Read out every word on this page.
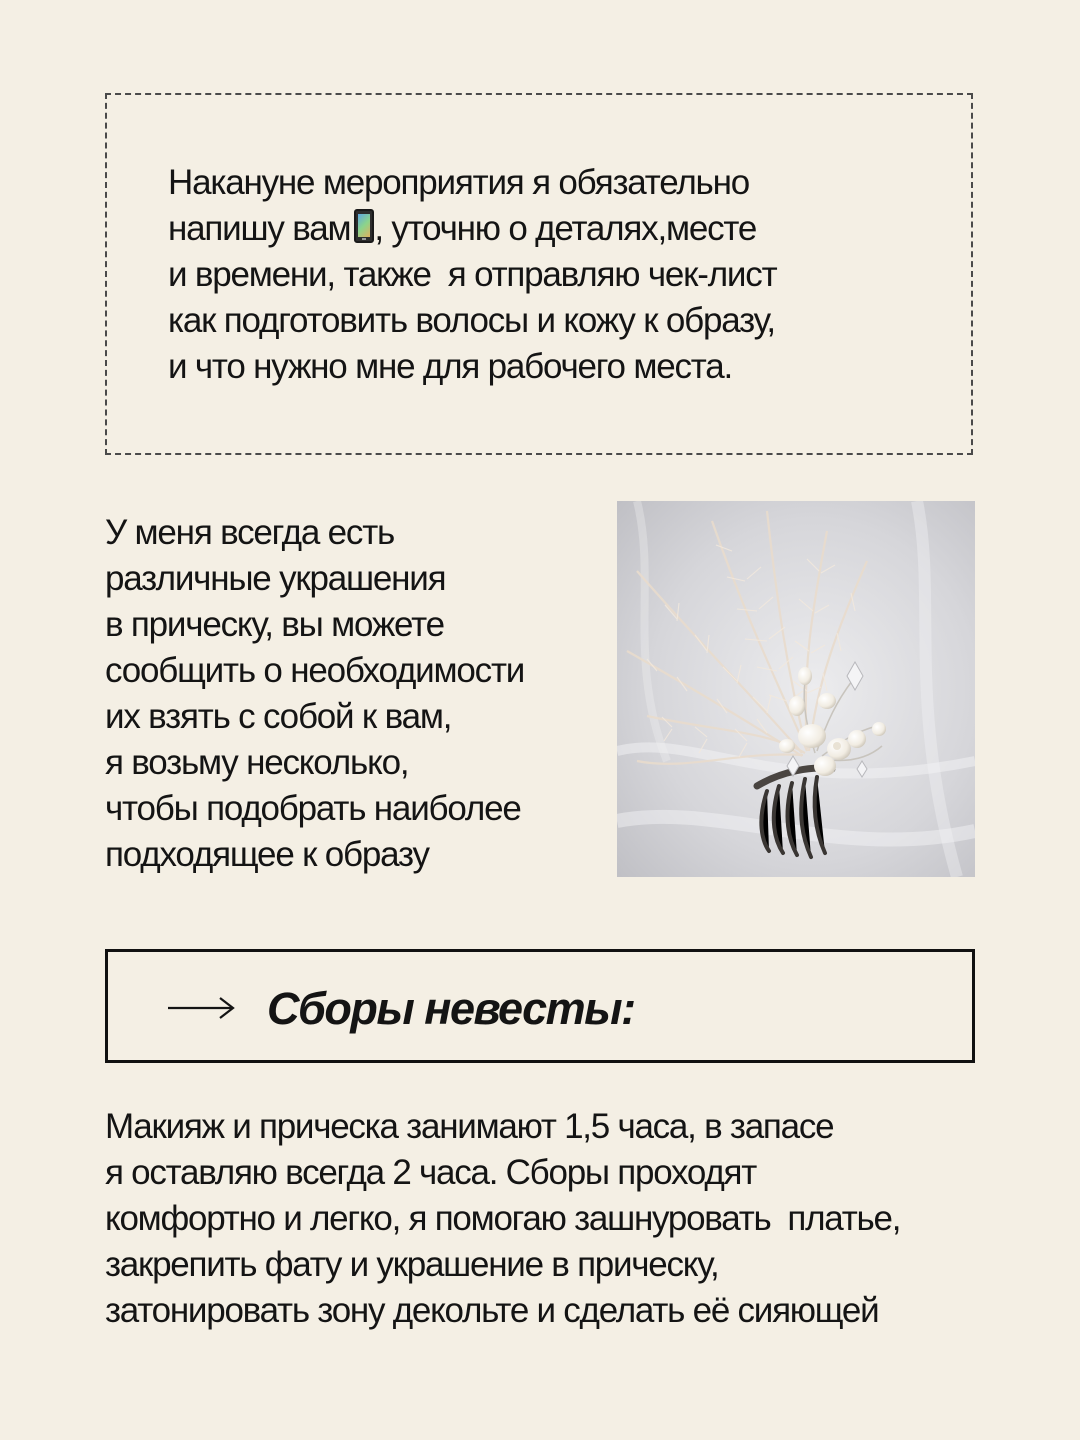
Накануне мероприятия я обязательно
напишу вам , уточню о деталях,месте
и времени, также  я отправляю чек-лист
как подготовить волосы и кожу к образу,
и что нужно мне для рабочего места.
У меня всегда есть
различные украшения
в прическу, вы можете
сообщить о необходимости
их взять с собой к вам,
я возьму несколько,
чтобы подобрать наиболее
подходящее к образу
Сборы невесты:
Макияж и прическа занимают 1,5 часа, в запасе
я оставляю всегда 2 часа. Сборы проходят
комфортно и легко, я помогаю зашнуровать  платье,
закрепить фату и украшение в прическу,
затонировать зону декольте и сделать её сияющей
